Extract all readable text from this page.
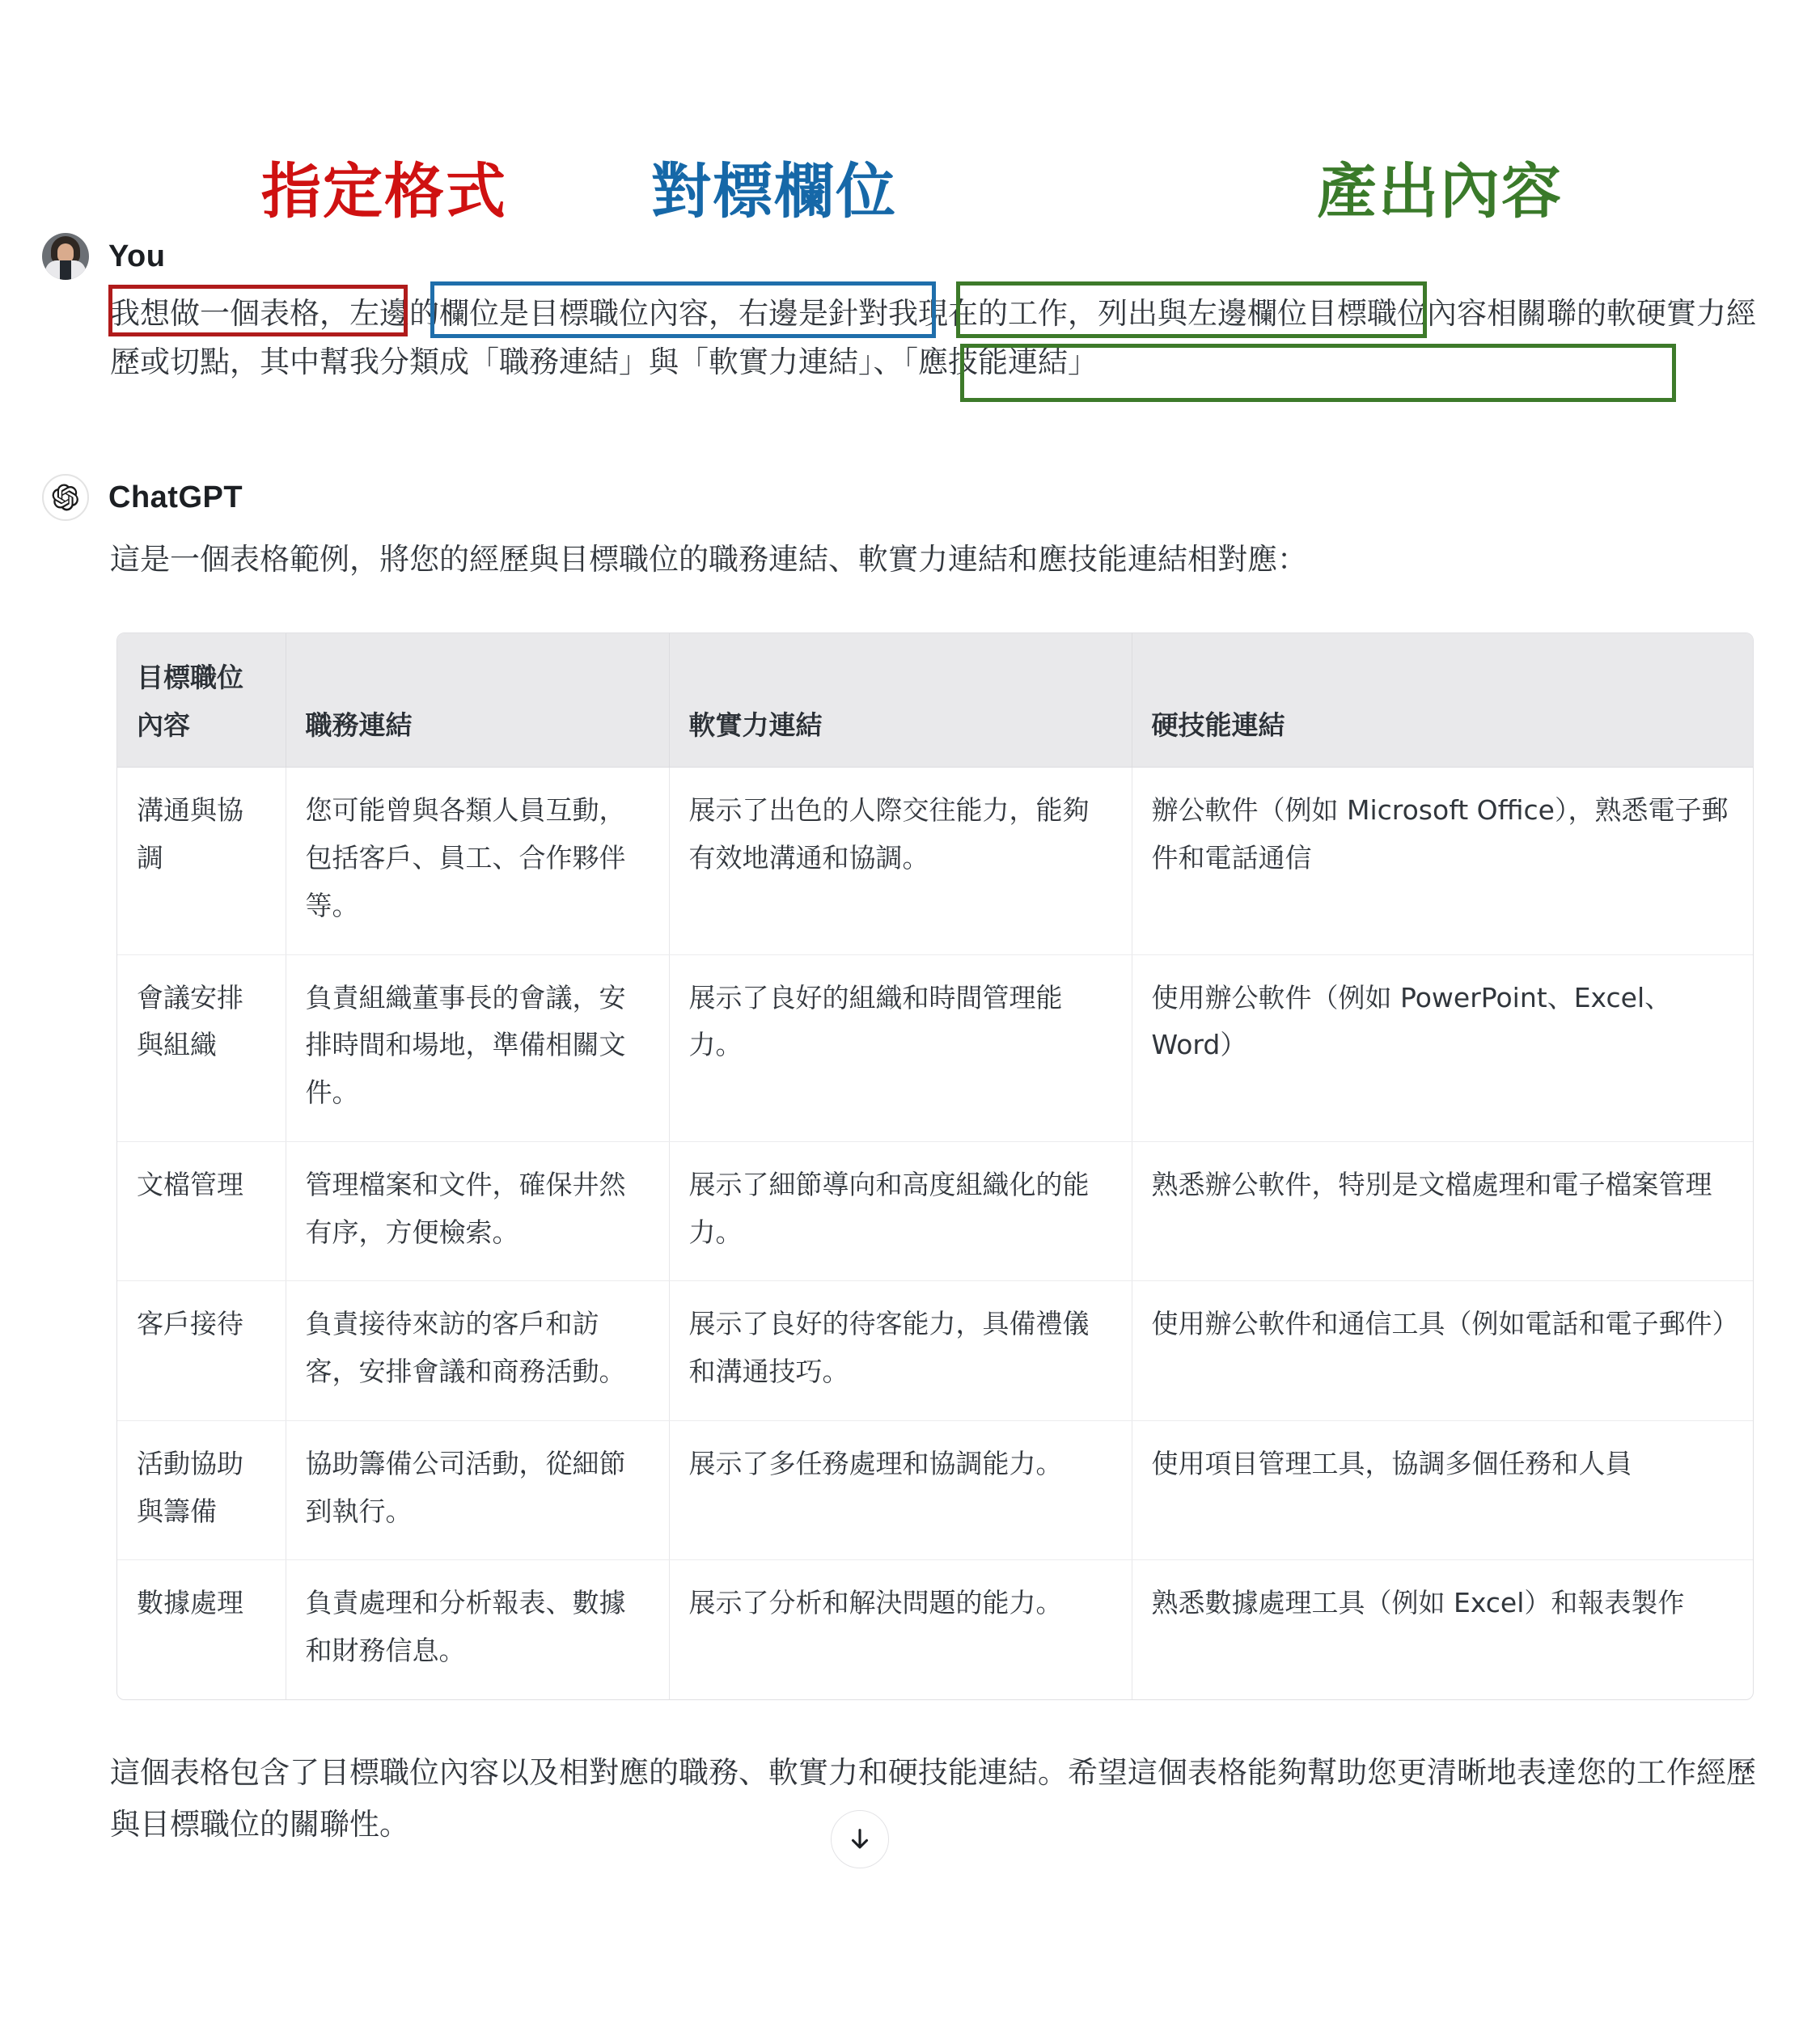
指定格式 對標欄位	產出內容
You
我想做一個表格，左邊的欄位是目標職位內容，右邊是針對我現在的工作，列出與左邊欄位目標職位內容相關聯的軟硬實力經歷或切點，其中幫我分類成「職務連結」與「軟實力連結」、「應技能連結」
ChatGPT
這是一個表格範例，將您的經歷與目標職位的職務連結、軟實力連結和應技能連結相對應：
目標職位內容	職務連結	軟實力連結	硬技能連結
溝通與協調	您可能曾與各類人員互動，包括客戶、員工、合作夥伴等。	展示了出色的人際交往能力，能夠有效地溝通和協調。	辦公軟件（例如 Microsoft Office），熟悉電子郵件和電話通信
會議安排與組織	負責組織董事長的會議，安排時間和場地，準備相關文件。	展示了良好的組織和時間管理能力。	使用辦公軟件（例如 PowerPoint、Excel、Word）
文檔管理	管理檔案和文件，確保井然有序，方便檢索。	展示了細節導向和高度組織化的能力。	熟悉辦公軟件，特別是文檔處理和電子檔案管理
客戶接待	負責接待來訪的客戶和訪客，安排會議和商務活動。	展示了良好的待客能力，具備禮儀和溝通技巧。	使用辦公軟件和通信工具（例如電話和電子郵件）
活動協助與籌備	協助籌備公司活動，從細節到執行。	展示了多任務處理和協調能力。	使用項目管理工具，協調多個任務和人員
數據處理	負責處理和分析報表、數據和財務信息。	展示了分析和解決問題的能力。	熟悉數據處理工具（例如 Excel）和報表製作
這個表格包含了目標職位內容以及相對應的職務、軟實力和硬技能連結。希望這個表格能夠幫助您更清晰地表達您的工作經歷與目標職位的關聯性。
